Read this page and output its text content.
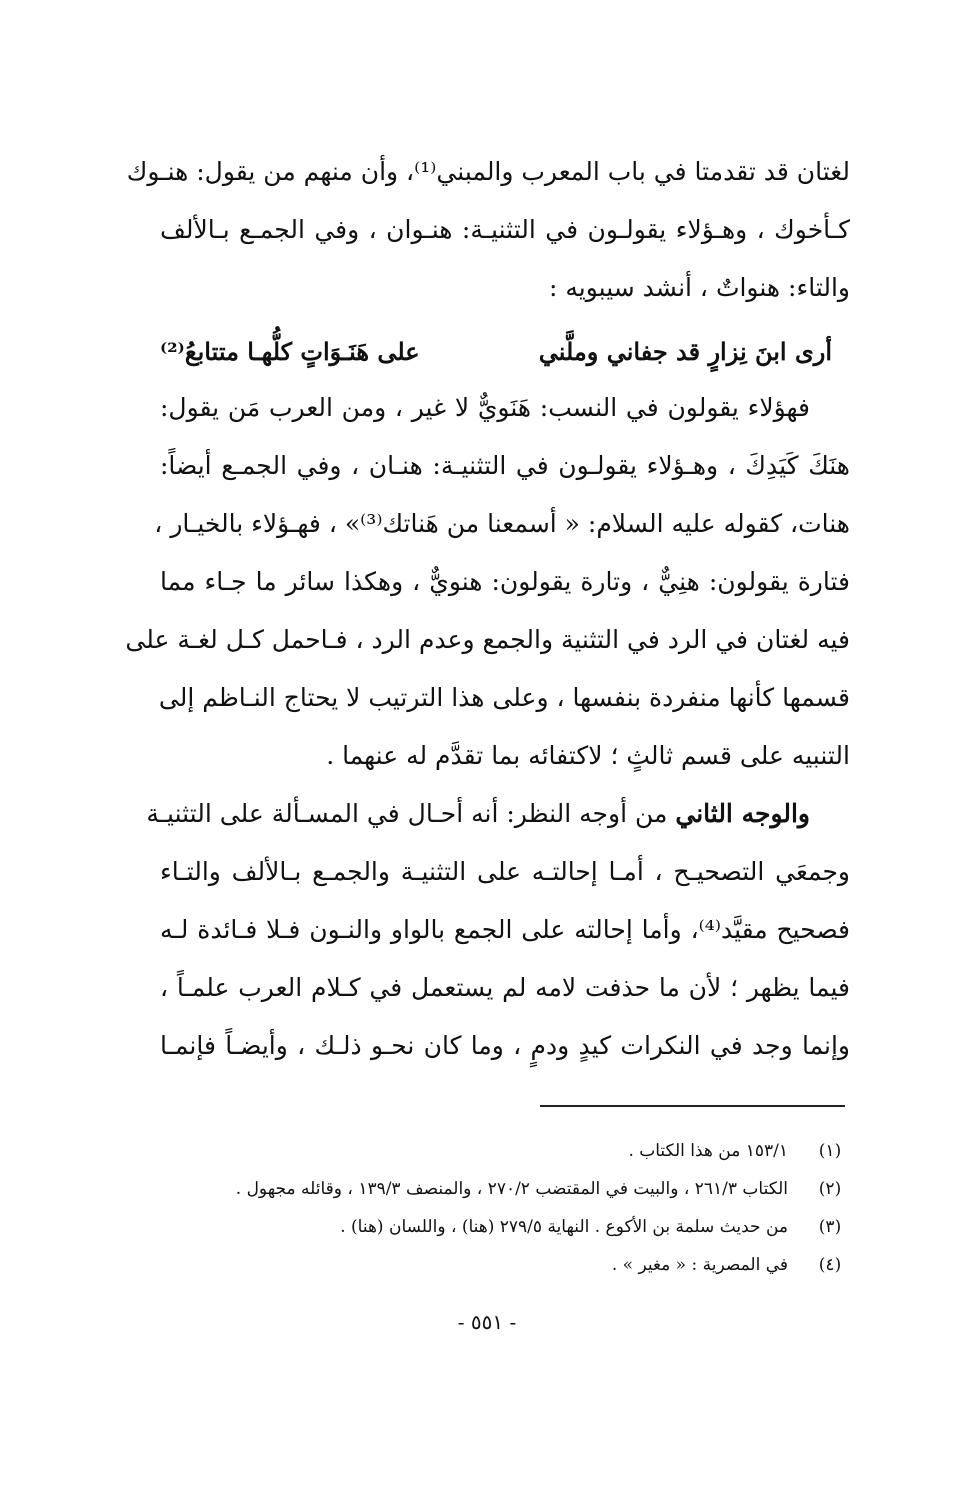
لغتان قد تقدمتا في باب المعرب والمبني⁽¹⁾، وأن منهم من يقول: هنـوك
كـأخوك ، وهـؤلاء يقولـون في التثنيـة: هنـوان ، وفي الجمـع بـالألف
والتاء: هنواتٌ ، أنشد سيبويه :
أرى ابنَ نِزارٍ قد جفاني وملَّني
على هَنَـوَاتٍ كلُّهـا متتابعُ⁽²⁾
فهؤلاء يقولون في النسب: هَنَويٌّ لا غير ، ومن العرب مَن يقول:
هنَكَ كَيَدِكَ ، وهـؤلاء يقولـون في التثنيـة: هنـان ، وفي الجمـع أيضاً:
هنات، كقوله عليه السلام: « أسمعنا من هَناتك⁽³⁾» ، فهـؤلاء بالخيـار ،
فتارة يقولون: هنِيٌّ ، وتارة يقولون: هنويٌّ ، وهكذا سائر ما جـاء مما
فيه لغتان في الرد في التثنية والجمع وعدم الرد ، فـاحمل كـل لغـة على
قسمها كأنها منفردة بنفسها ، وعلى هذا الترتيب لا يحتاج النـاظم إلى
التنبيه على قسم ثالثٍ ؛ لاكتفائه بما تقدَّم له عنهما .
والوجه الثاني من أوجه النظر: أنه أحـال في المسـألة على التثنيـة
وجمعَي التصحيـح ، أمـا إحالتـه على التثنيـة والجمـع بـالألف والتـاء
فصحيح مقيَّد⁽⁴⁾، وأما إحالته على الجمع بالواو والنـون فـلا فـائدة لـه
فيما يظهر ؛ لأن ما حذفت لامه لم يستعمل في كـلام العرب علمـاً ،
وإنما وجد في النكرات كيدٍ ودمٍ ، وما كان نحـو ذلـك ، وأيضـاً فإنمـا
(١)
١٥٣/١ من هذا الكتاب .
(٢)
الكتاب ٢٦١/٣ ، والبيت في المقتضب ٢٧٠/٢ ، والمنصف ١٣٩/٣ ، وقائله مجهول .
(٣)
من حديث سلمة بن الأكوع . النهاية ٢٧٩/٥ (هنا) ، واللسان (هنا) .
(٤)
في المصرية : « مغير » .
- ٥٥١ -
